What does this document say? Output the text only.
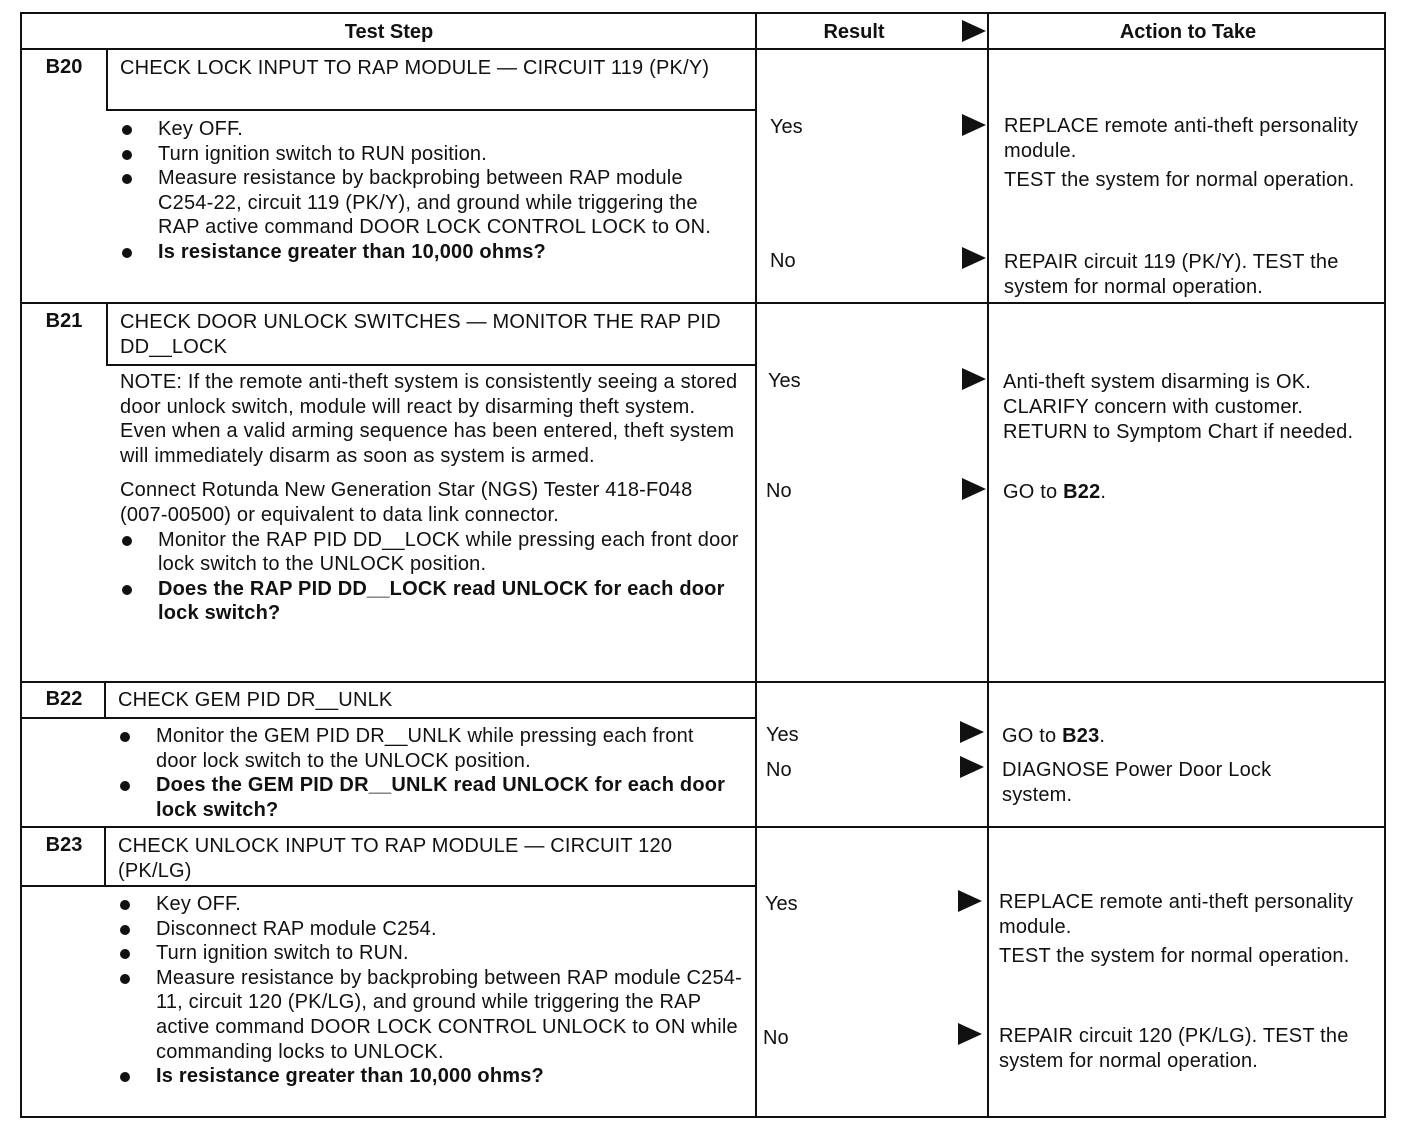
Test Step	Result	Action to Take
B20	CHECK LOCK INPUT TO RAP MODULE — CIRCUIT 119 (PK/Y)
Key OFF.
Turn ignition switch to RUN position.
Measure resistance by backprobing between RAP module C254-22, circuit 119 (PK/Y), and ground while triggering the RAP active command DOOR LOCK CONTROL LOCK to ON.
Is resistance greater than 10,000 ohms?
Yes	REPLACE remote anti-theft personality module.

TEST the system for normal operation.

No	REPAIR circuit 119 (PK/Y). TEST the system for normal operation.
B21	CHECK DOOR UNLOCK SWITCHES — MONITOR THE RAP PID DD__LOCK

NOTE: If the remote anti-theft system is consistently seeing a stored door unlock switch, module will react by disarming theft system. Even when a valid arming sequence has been entered, theft system will immediately disarm as soon as system is armed.

Connect Rotunda New Generation Star (NGS) Tester 418-F048 (007-00500) or equivalent to data link connector.

Monitor the RAP PID DD__LOCK while pressing each front door lock switch to the UNLOCK position.
Does the RAP PID DD__LOCK read UNLOCK for each door lock switch?
Yes	Anti-theft system disarming is OK. CLARIFY concern with customer. RETURN to Symptom Chart if needed.
No	GO to B22.
B22	CHECK GEM PID DR__UNLK
Monitor the GEM PID DR__UNLK while pressing each front door lock switch to the UNLOCK position.
Does the GEM PID DR__UNLK read UNLOCK for each door lock switch?
Yes	GO to B23.
No	DIAGNOSE Power Door Lock system.
B23	CHECK UNLOCK INPUT TO RAP MODULE — CIRCUIT 120 (PK/LG)
Key OFF.
Disconnect RAP module C254.
Turn ignition switch to RUN.
Measure resistance by backprobing between RAP module C254-11, circuit 120 (PK/LG), and ground while triggering the RAP active command DOOR LOCK CONTROL UNLOCK to ON while commanding locks to UNLOCK.
Is resistance greater than 10,000 ohms?
Yes	REPLACE remote anti-theft personality module.

TEST the system for normal operation.

No	REPAIR circuit 120 (PK/LG). TEST the system for normal operation.
